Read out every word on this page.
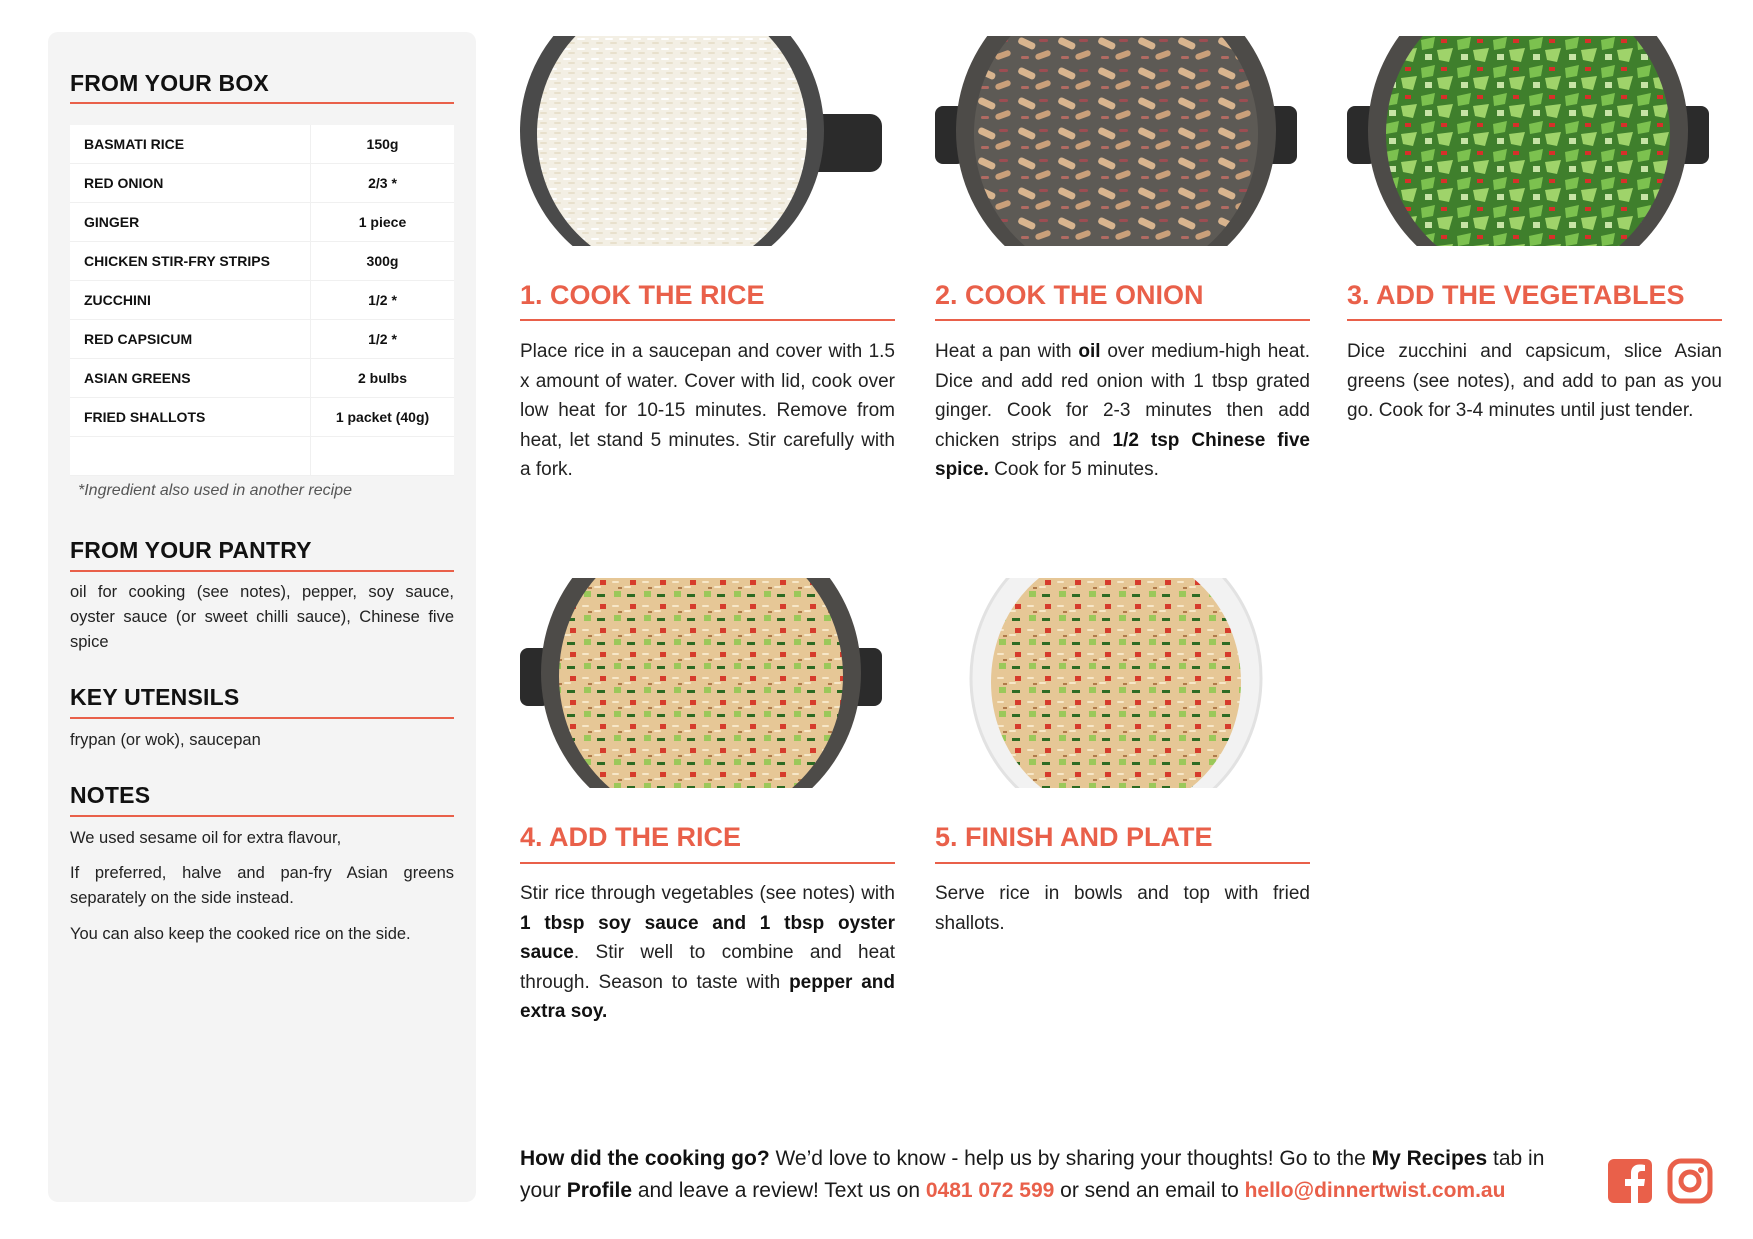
FROM YOUR BOX
BASMATI RICE	150g
RED ONION	2/3 *
GINGER	1 piece
CHICKEN STIR-FRY STRIPS	300g
ZUCCHINI	1/2 *
RED CAPSICUM	1/2 *
ASIAN GREENS	2 bulbs
FRIED SHALLOTS	1 packet (40g)

*Ingredient also used in another recipe
FROM YOUR PANTRY
oil for cooking (see notes), pepper, soy sauce, oyster sauce (or sweet chilli sauce), Chinese five spice
KEY UTENSILS
frypan (or wok), saucepan
NOTES
We used sesame oil for extra flavour,
If preferred, halve and pan-fry Asian greens separately on the side instead.
You can also keep the cooked rice on the side.
1. COOK THE RICE
Place rice in a saucepan and cover with 1.5 x amount of water. Cover with lid, cook over low heat for 10-15 minutes. Remove from heat, let stand 5 minutes. Stir carefully with a fork.
2. COOK THE ONION
Heat a pan with oil over medium-high heat. Dice and add red onion with 1 tbsp grated ginger. Cook for 2-3 minutes then add chicken strips and 1/2 tsp Chinese five spice. Cook for 5 minutes.
3. ADD THE VEGETABLES
Dice zucchini and capsicum, slice Asian greens (see notes), and add to pan as you go. Cook for 3-4 minutes until just tender.
4. ADD THE RICE
Stir rice through vegetables (see notes) with 1 tbsp soy sauce and 1 tbsp oyster sauce. Stir well to combine and heat through. Season to taste with pepper and extra soy.
5. FINISH AND PLATE
Serve rice in bowls and top with fried shallots.
How did the cooking go? We’d love to know - help us by sharing your thoughts! Go to the My Recipes tab in your Profile and leave a review! Text us on 0481 072 599 or send an email to hello@dinnertwist.com.au
